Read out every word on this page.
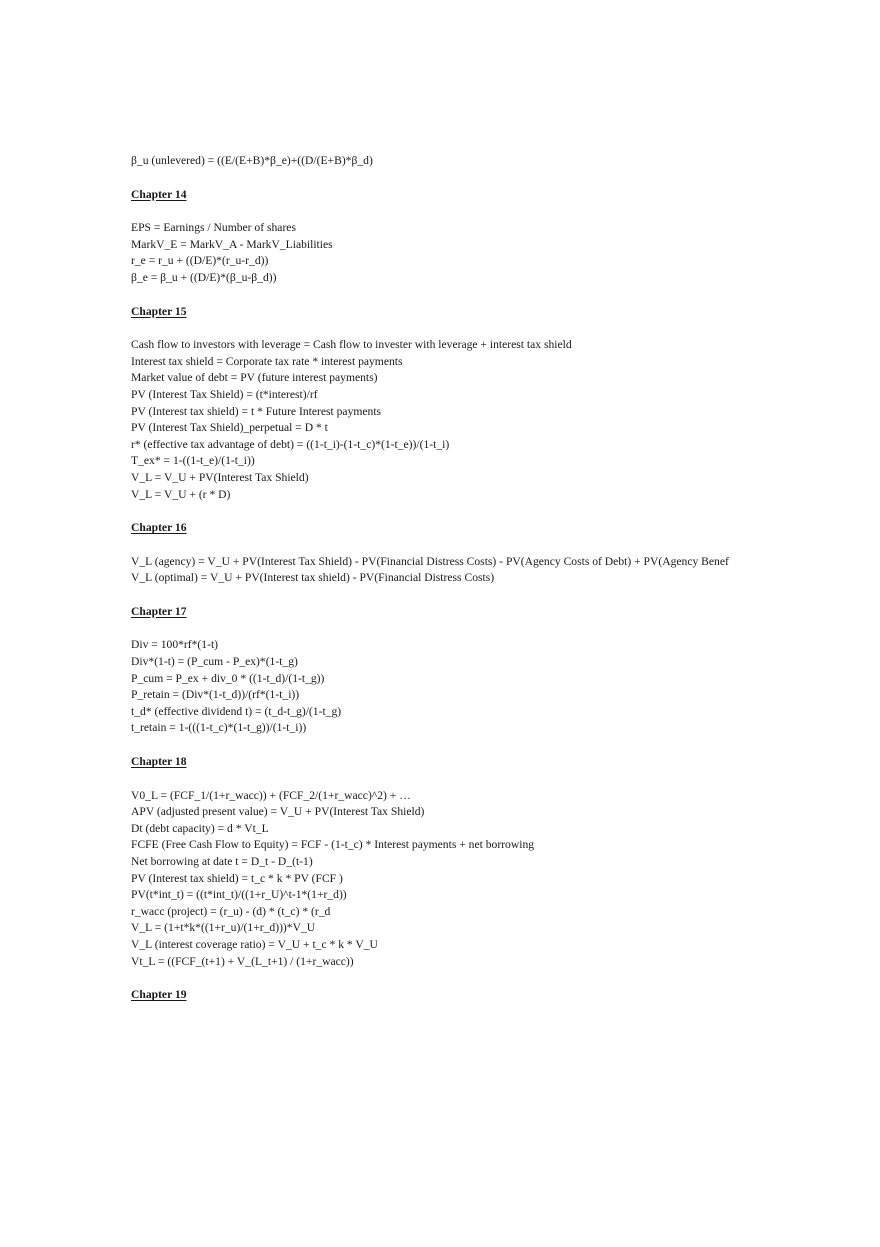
β_u (unlevered) = ((E/(E+B)*β_e)+((D/(E+B)*β_d)
Chapter 14
EPS = Earnings / Number of shares
MarkV_E = MarkV_A - MarkV_Liabilities
r_e = r_u + ((D/E)*(r_u-r_d))
β_e = β_u + ((D/E)*(β_u-β_d))
Chapter 15
Cash flow to investors with leverage = Cash flow to invester with leverage + interest tax shield
Interest tax shield = Corporate tax rate * interest payments
Market value of debt = PV (future interest payments)
PV (Interest Tax Shield) = (t*interest)/rf
PV (Interest tax shield) = t * Future Interest payments
PV (Interest Tax Shield)_perpetual = D * t
r* (effective tax advantage of debt) = ((1-t_i)-(1-t_c)*(1-t_e))/(1-t_i)
T_ex* = 1-((1-t_e)/(1-t_i))
V_L = V_U + PV(Interest Tax Shield)
V_L = V_U + (r * D)
Chapter 16
V_L (agency) = V_U + PV(Interest Tax Shield) - PV(Financial Distress Costs) - PV(Agency Costs of Debt) + PV(Agency Benef
V_L (optimal) = V_U + PV(Interest tax shield) - PV(Financial Distress Costs)
Chapter 17
Div = 100*rf*(1-t)
Div*(1-t) = (P_cum - P_ex)*(1-t_g)
P_cum = P_ex + div_0 * ((1-t_d)/(1-t_g))
P_retain = (Div*(1-t_d))/(rf*(1-t_i))
t_d* (effective dividend t) = (t_d-t_g)/(1-t_g)
t_retain = 1-(((1-t_c)*(1-t_g))/(1-t_i))
Chapter 18
V0_L = (FCF_1/(1+r_wacc)) + (FCF_2/(1+r_wacc)^2) + …
APV (adjusted present value) = V_U + PV(Interest Tax Shield)
Dt (debt capacity) = d * Vt_L
FCFE (Free Cash Flow to Equity) = FCF - (1-t_c) * Interest payments + net borrowing
Net borrowing at date t = D_t - D_(t-1)
PV (Interest tax shield) = t_c * k * PV (FCF )
PV(t*int_t) = ((t*int_t)/((1+r_U)^t-1*(1+r_d))
r_wacc (project) = (r_u) - (d) * (t_c) * (r_d
V_L = (1+t*k*((1+r_u)/(1+r_d)))*V_U
V_L (interest coverage ratio) = V_U + t_c * k * V_U
Vt_L = ((FCF_(t+1) + V_(L_t+1) / (1+r_wacc))
Chapter 19
